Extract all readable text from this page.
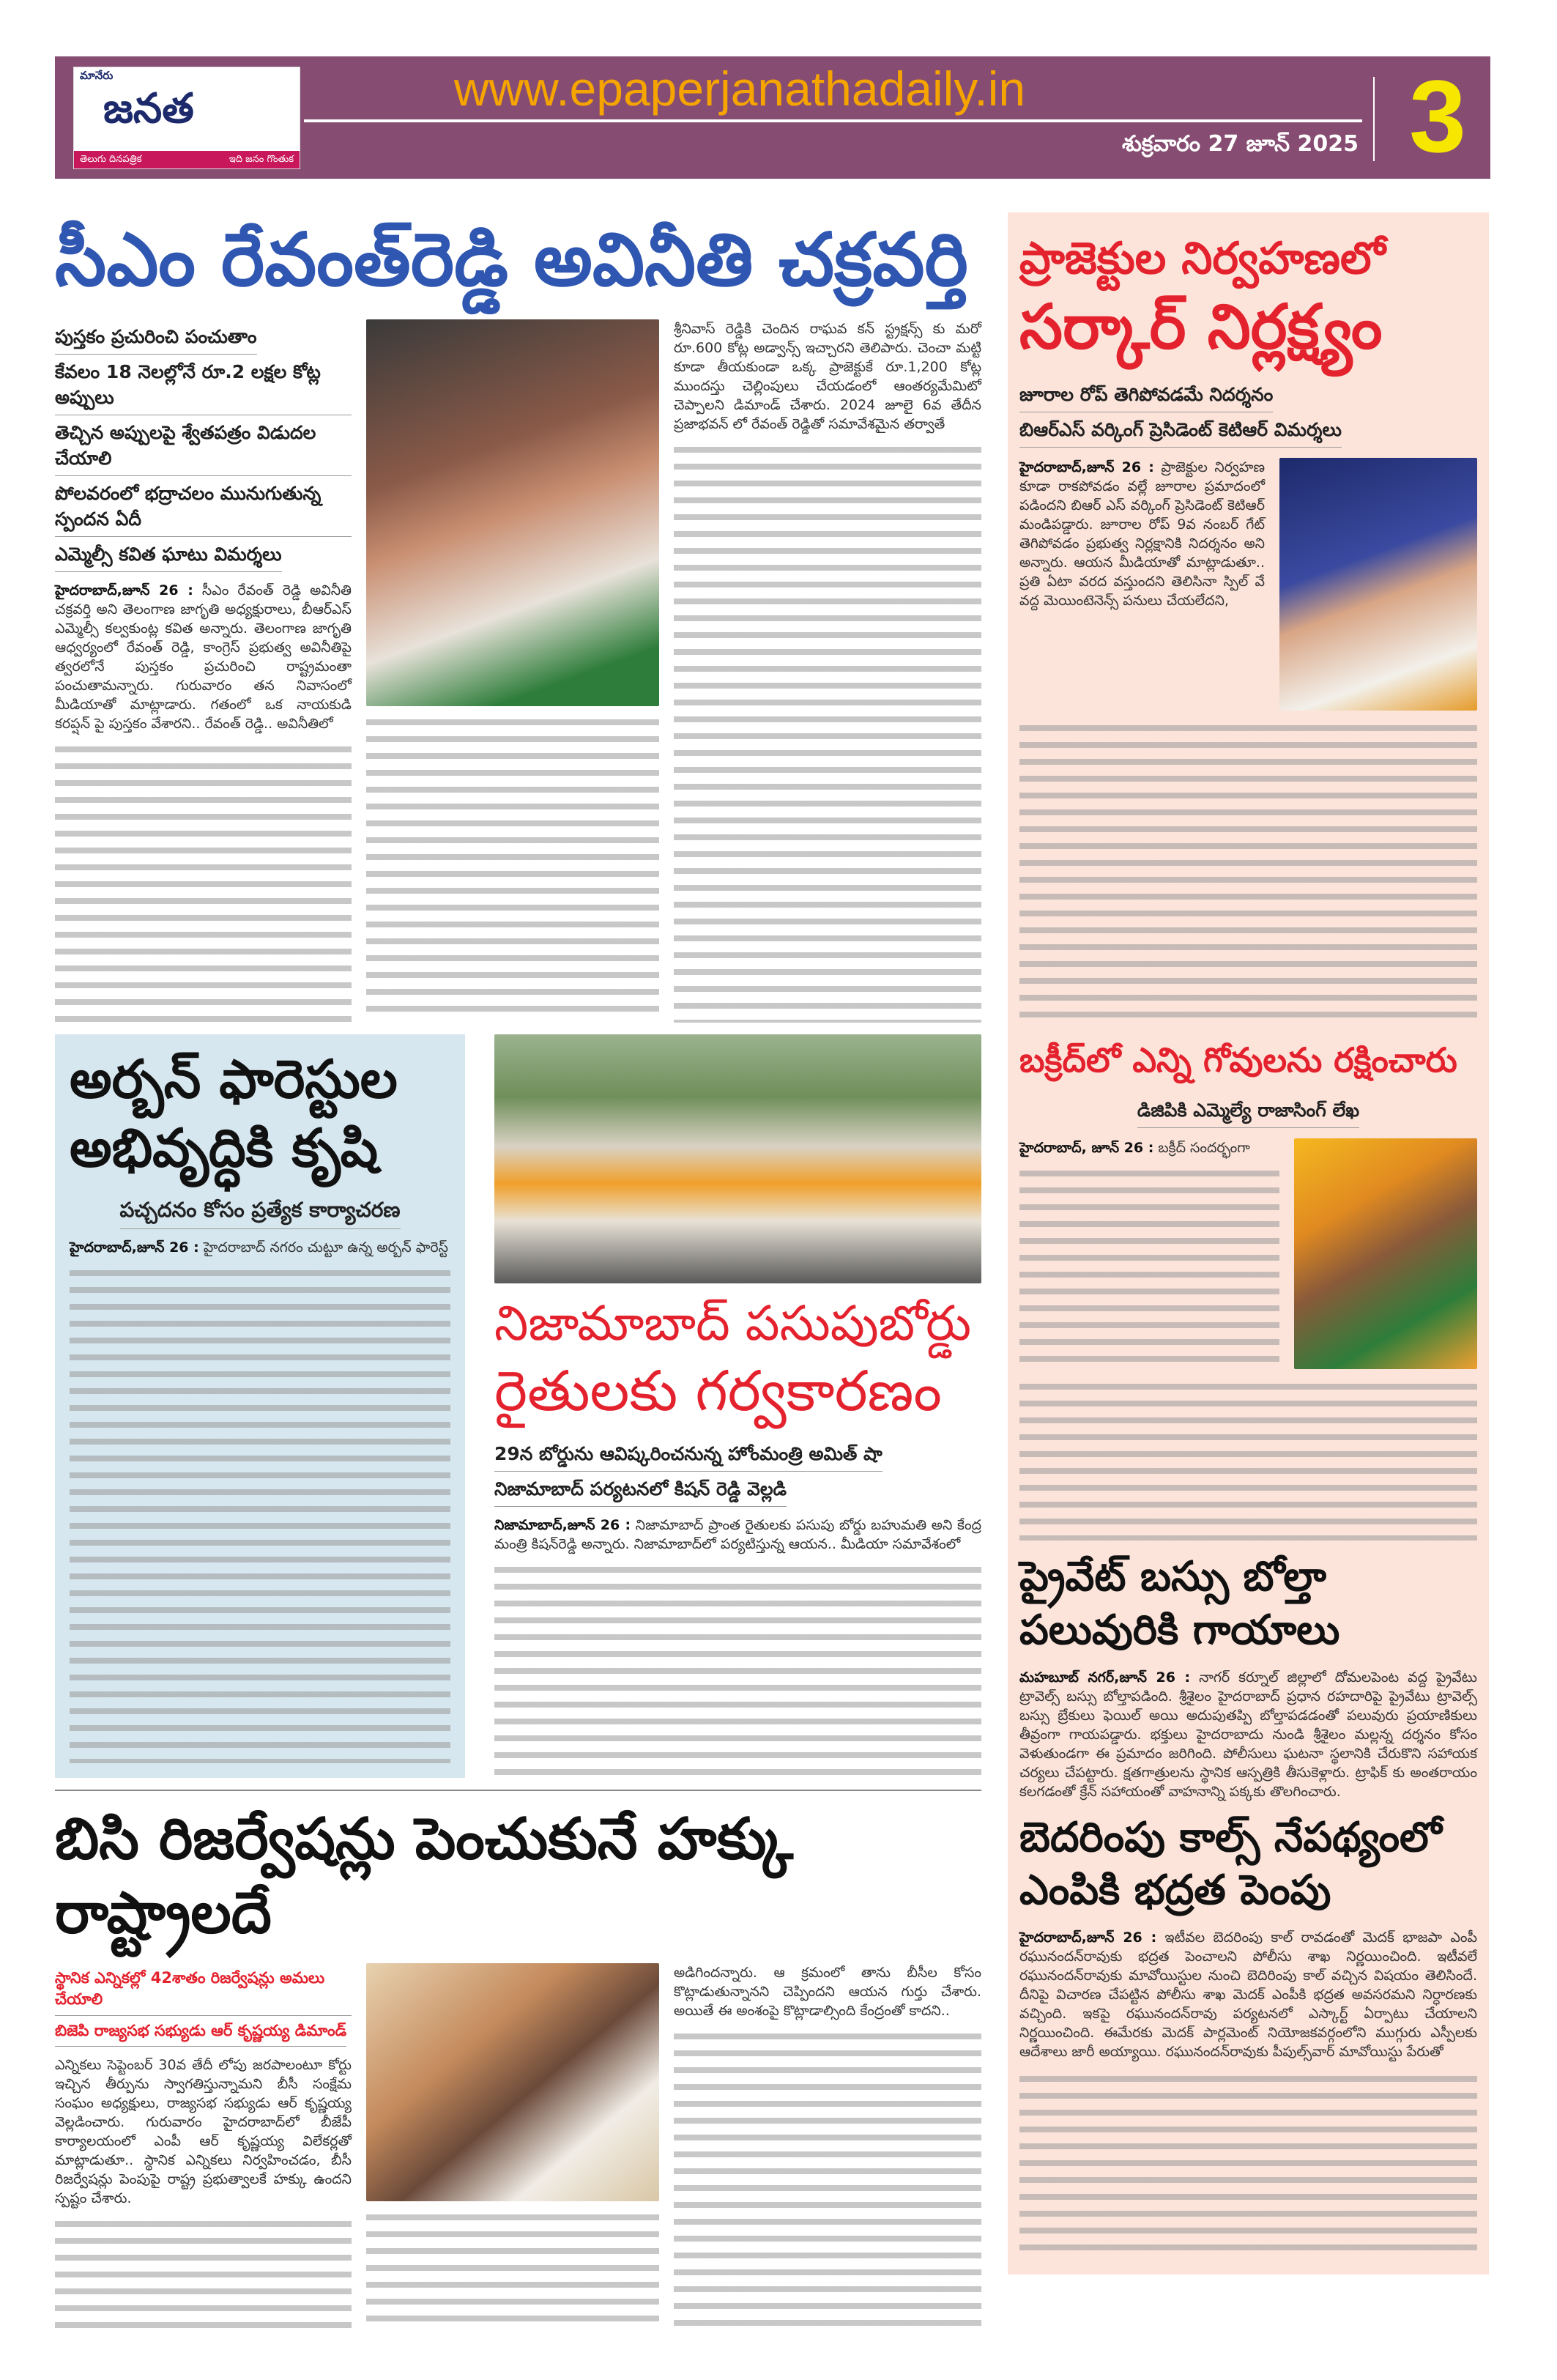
మానేరు
జనత
తెలుగు దినపత్రిక	ఇది జనం గొంతుక
www.epaperjanathadaily.in
శుక్రవారం 27 జూన్ 2025 3
సీఎం రేవంత్‌రెడ్డి అవినీతి చక్రవర్తి
పుస్తకం ప్రచురించి పంచుతాం
కేవలం 18 నెలల్లోనే రూ.2 లక్షల కోట్ల అప్పులు
తెచ్చిన అప్పులపై శ్వేతపత్రం విడుదల చేయాలి
పోలవరంలో భద్రాచలం మునుగుతున్న స్పందన ఏదీ
ఎమ్మెల్సీ కవిత ఘాటు విమర్శలు
హైదరాబాద్,జూన్ 26 : సీఎం రేవంత్ రెడ్డి అవినీతి చక్రవర్తి అని తెలంగాణ జాగృతి అధ్యక్షురాలు, బీఆర్ఎస్ ఎమ్మెల్సీ కల్వకుంట్ల కవిత అన్నారు. తెలంగాణ జాగృతి ఆధ్వర్యంలో రేవంత్ రెడ్డి, కాంగ్రెస్ ప్రభుత్వ అవినీతిపై త్వరలోనే పుస్తకం ప్రచురించి రాష్ట్రమంతా పంచుతామన్నారు. గురువారం తన నివాసంలో మీడియాతో మాట్లాడారు. గతంలో ఒక నాయకుడి కరప్షన్ పై పుస్తకం వేశారని.. రేవంత్ రెడ్డి.. అవినీతిలో
శ్రీనివాస్ రెడ్డికి చెందిన రాఘవ కన్ స్ట్రక్షన్స్ కు మరో రూ.600 కోట్ల అడ్వాన్స్ ఇచ్చారని తెలిపారు. చెంచా మట్టి కూడా తీయకుండా ఒక్క ప్రాజెక్టుకే రూ.1,200 కోట్ల ముందస్తు చెల్లింపులు చేయడంలో ఆంతర్యమేమిటో చెప్పాలని డిమాండ్ చేశారు. 2024 జూలై 6వ తేదీన ప్రజాభవన్ లో రేవంత్ రెడ్డితో సమావేశమైన తర్వాతే
అర్బన్ ఫారెస్టుల అభివృద్ధికి కృషి
పచ్చదనం కోసం ప్రత్యేక కార్యాచరణ
హైదరాబాద్,జూన్ 26 : హైదరాబాద్ నగరం చుట్టూ ఉన్న అర్బన్ ఫారెస్ట్
నిజామాబాద్ పసుపుబోర్డు
రైతులకు గర్వకారణం
29న బోర్డును ఆవిష్కరించనున్న హోంమంత్రి అమిత్ షా
నిజామాబాద్ పర్యటనలో కిషన్ రెడ్డి వెల్లడి
నిజామాబాద్,జూన్ 26 : నిజామాబాద్ ప్రాంత రైతులకు పసుపు బోర్డు బహుమతి అని కేంద్ర మంత్రి కిషన్‌రెడ్డి అన్నారు. నిజామాబాద్‌లో పర్యటిస్తున్న ఆయన.. మీడియా సమావేశంలో
బిసి రిజర్వేషన్లు పెంచుకునే హక్కు రాష్ట్రాలదే
స్థానిక ఎన్నికల్లో 42శాతం రిజర్వేషన్లు అమలు చేయాలి
బిజెపి రాజ్యసభ సభ్యుడు ఆర్ కృష్ణయ్య డిమాండ్
ఎన్నికలు సెప్టెంబర్ 30వ తేదీ లోపు జరపాలంటూ కోర్టు ఇచ్చిన తీర్పును స్వాగతిస్తున్నామని బీసీ సంక్షేమ సంఘం అధ్యక్షులు, రాజ్యసభ సభ్యుడు ఆర్ కృష్ణయ్య వెల్లడించారు. గురువారం హైదరాబాద్‌లో బీజేపీ కార్యాలయంలో ఎంపీ ఆర్ కృష్ణయ్య విలేకర్లతో మాట్లాడుతూ.. స్థానిక ఎన్నికలు నిర్వహించడం, బీసీ రిజర్వేషన్లు పెంపుపై రాష్ట్ర ప్రభుత్వాలకే హక్కు ఉందని స్పష్టం చేశారు.
అడిగిందన్నారు. ఆ క్రమంలో తాను బీసీల కోసం కొట్లాడుతున్నానని చెప్పిందని ఆయన గుర్తు చేశారు. అయితే ఈ అంశంపై కొట్లాడాల్సింది కేంద్రంతో కాదని..
ప్రాజెక్టుల నిర్వహణలో
సర్కార్ నిర్లక్ష్యం
జూరాల రోప్ తెగిపోవడమే నిదర్శనం
బిఆర్ఎస్ వర్కింగ్ ప్రెసిడెంట్ కెటిఆర్ విమర్శలు
హైదరాబాద్,జూన్ 26 : ప్రాజెక్టుల నిర్వహణ కూడా రాకపోవడం వల్లే జూరాల ప్రమాదంలో పడిందని బిఆర్ ఎస్ వర్కింగ్ ప్రెసిడెంట్ కెటిఆర్ మండిపడ్డారు. జూరాల రోప్ 9వ నంబర్ గేట్ తెగిపోవడం ప్రభుత్వ నిర్లక్షానికి నిదర్శనం అని అన్నారు. ఆయన మీడియాతో మాట్లాడుతూ.. ప్రతి ఏటా వరద వస్తుందని తెలిసినా స్పిల్ వే వద్ద మెయింటెనెన్స్ పనులు చేయలేదని,
బక్రీద్‌లో ఎన్ని గోవులను రక్షించారు
డిజిపికి ఎమ్మెల్యే రాజాసింగ్ లేఖ
హైదరాబాద్, జూన్ 26 : బక్రీద్ సందర్భంగా
ప్రైవేట్ బస్సు బోల్తా
పలువురికి గాయాలు
మహబూబ్ నగర్,జూన్ 26 : నాగర్ కర్నూల్ జిల్లాలో దోమలపెంట వద్ద ప్రైవేటు ట్రావెల్స్ బస్సు బోల్తాపడింది. శ్రీశైలం హైదరాబాద్ ప్రధాన రహదారిపై ప్రైవేటు ట్రావెల్స్ బస్సు బ్రేకులు ఫెయిల్ అయి అదుపుతప్పి బోల్తాపడడంతో పలువురు ప్రయాణికులు తీవ్రంగా గాయపడ్డారు. భక్తులు హైదరాబాదు నుండి శ్రీశైలం మల్లన్న దర్శనం కోసం వెళుతుండగా ఈ ప్రమాదం జరిగింది. పోలీసులు ఘటనా స్థలానికి చేరుకొని సహాయక చర్యలు చేపట్టారు. క్షతగాత్రులను స్థానిక ఆస్పత్రికి తీసుకెళ్లారు. ట్రాఫిక్ కు అంతరాయం కలగడంతో క్రేన్ సహాయంతో వాహనాన్ని పక్కకు తొలగించారు.
బెదరింపు కాల్స్ నేపథ్యంలో
ఎంపికి భద్రత పెంపు
హైదరాబాద్,జూన్ 26 : ఇటీవల బెదరింపు కాల్ రావడంతో మెదక్ భాజపా ఎంపీ రఘునందన్‌రావుకు భద్రత పెంచాలని పోలీసు శాఖ నిర్ణయించింది. ఇటీవలే రఘునందన్‌రావుకు మావోయిస్టుల నుంచి బెదిరింపు కాల్ వచ్చిన విషయం తెలిసిందే. దీనిపై విచారణ చేపట్టిన పోలీసు శాఖ మెదక్ ఎంపీకి భద్రత అవసరమని నిర్ధారణకు వచ్చింది. ఇకపై రఘునందన్‌రావు పర్యటనలో ఎస్కార్ట్ ఏర్పాటు చేయాలని నిర్ణయించింది. ఈమేరకు మెదక్ పార్లమెంట్ నియోజకవర్గంలోని ముగ్గురు ఎస్పీలకు ఆదేశాలు జారీ అయ్యాయి. రఘునందన్‌రావుకు పీపుల్స్‌వార్ మావోయిస్టు పేరుతో
